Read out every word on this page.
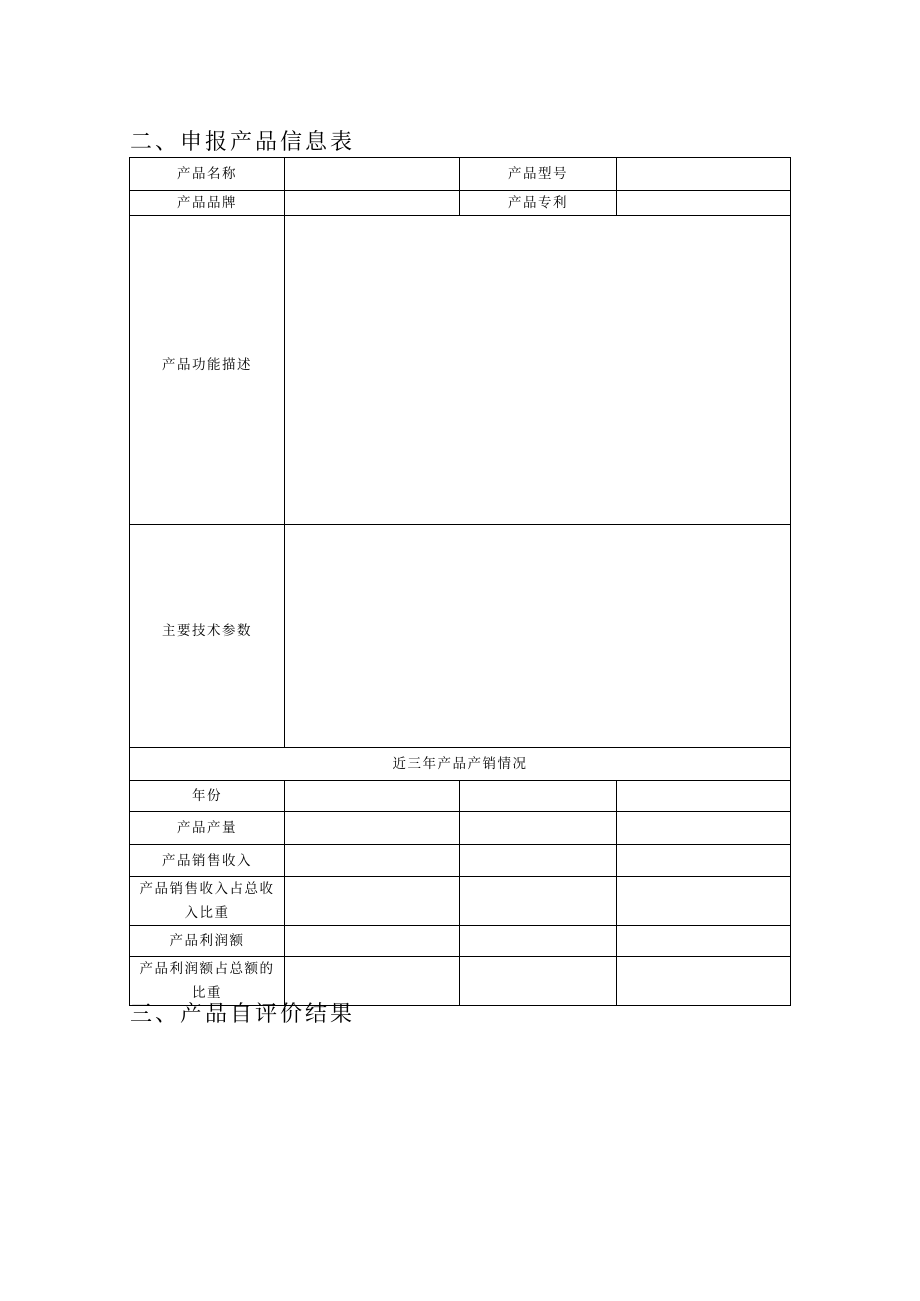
二、申报产品信息表
产品名称		产品型号	
产品品牌		产品专利	
产品功能描述			
主要技术参数			
近三年产品产销情况			
年份			
产品产量			
产品销售收入			
产品销售收入占总收入比重			
产品利润额			
产品利润额占总额的比重			
三、产品自评价结果
